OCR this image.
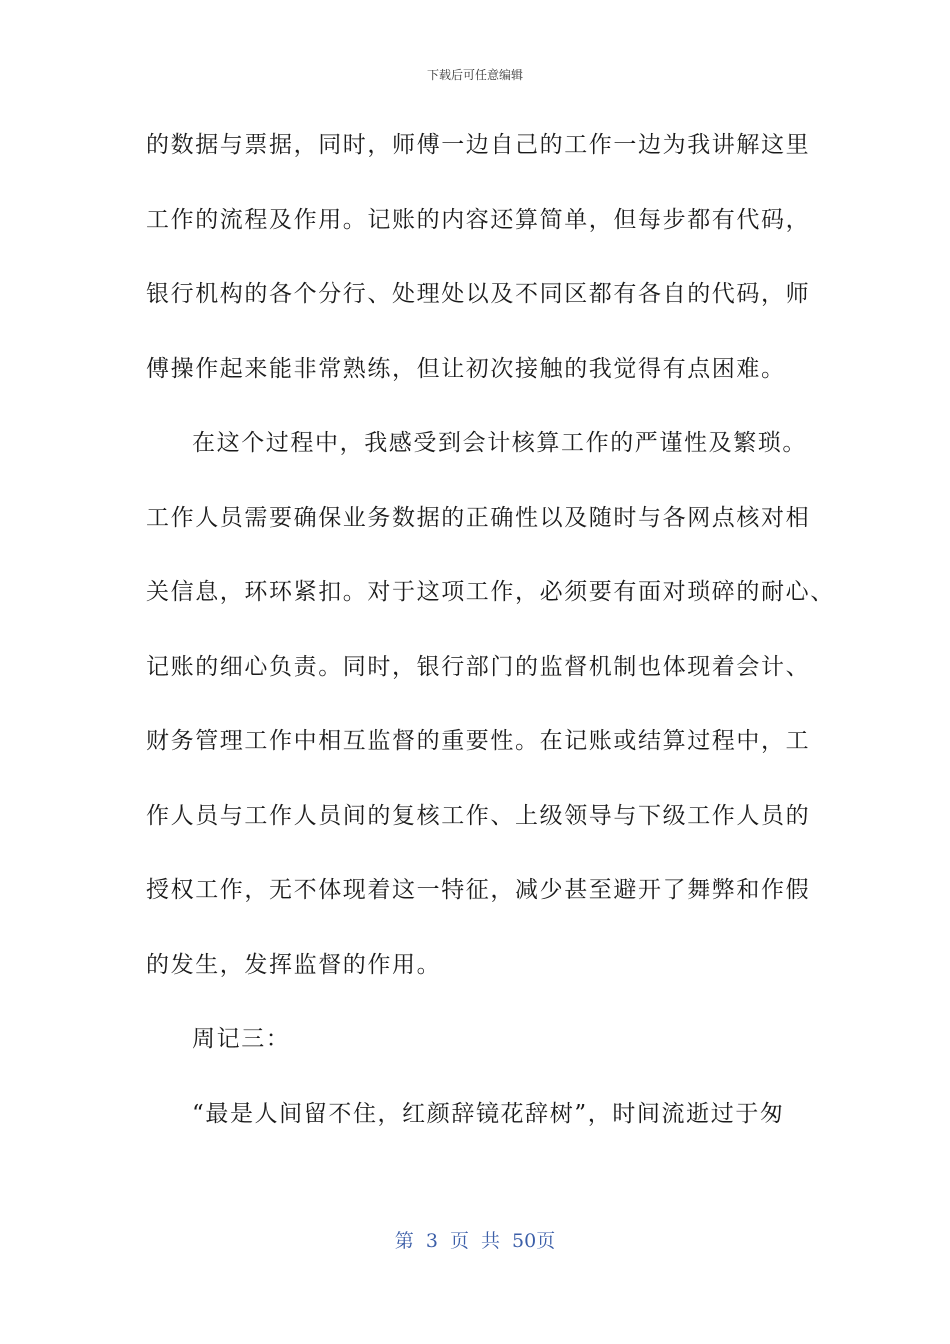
下载后可任意编辑
的数据与票据，同时，师傅一边自己的工作一边为我讲解这里
工作的流程及作用。记账的内容还算简单，但每步都有代码，
银行机构的各个分行、处理处以及不同区都有各自的代码，师
傅操作起来能非常熟练，但让初次接触的我觉得有点困难。
在这个过程中，我感受到会计核算工作的严谨性及繁琐。
工作人员需要确保业务数据的正确性以及随时与各网点核对相
关信息，环环紧扣。对于这项工作，必须要有面对琐碎的耐心、
记账的细心负责。同时，银行部门的监督机制也体现着会计、
财务管理工作中相互监督的重要性。在记账或结算过程中，工
作人员与工作人员间的复核工作、上级领导与下级工作人员的
授权工作，无不体现着这一特征，减少甚至避开了舞弊和作假
的发生，发挥监督的作用。
周记三：
“最是人间留不住，红颜辞镜花辞树”，时间流逝过于匆
第 3 页 共 50页
